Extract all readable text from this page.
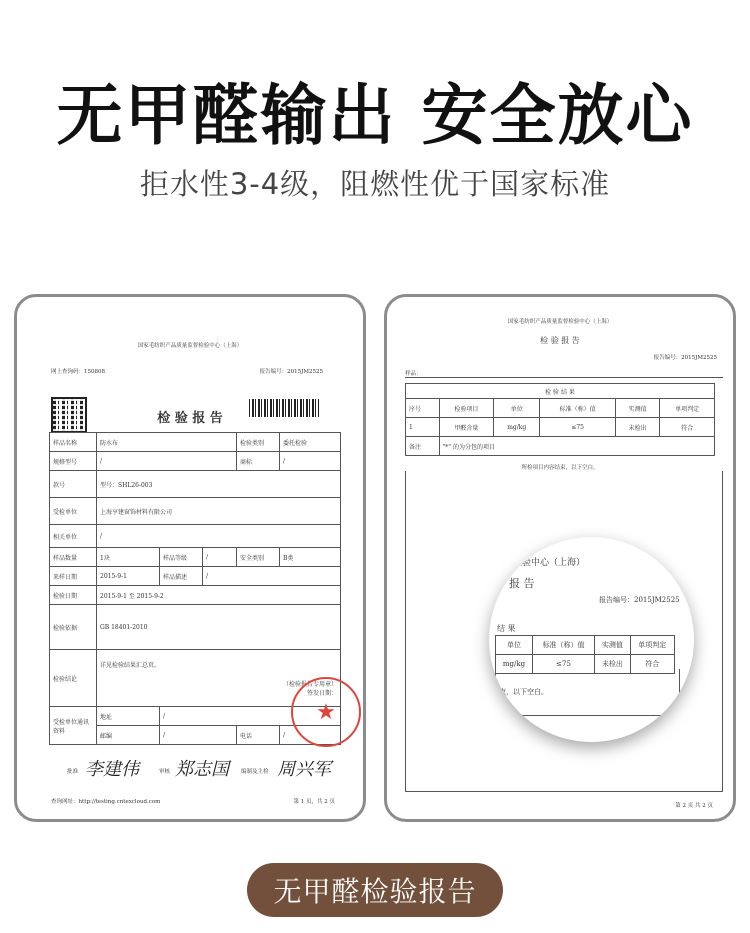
无甲醛输出 安全放心
拒水性3-4级，阻燃性优于国家标准
国家毛纺织产品质量监督检验中心（上海）
网上查询码：150808	报告编号：2015JM2525
检 验 报 告
样品名称	防水布			检验类别	委托检验
规格型号	/			商标	/
款号	型号：SHL26-003				
受检单位	上海亨建窗饰材料有限公司				
相关单位	/				
样品数量	1块	样品等级	/	安全类别	B类
来样日期	2015-9-1	样品描述	/		
检验日期	2015-9-1 至 2015-9-2				
检验依据	GB 18401-2010				
检验结论	详见检验结果汇总页。
（检验报告专用章）
签发日期：				

受检单位通讯资料	地址	/			
	邮编	/		电话	/
★
批准 李建伟	审核 郑志国 编制及主检 周兴军
查询网址：http://testing.cntexcloud.com	第 1 页，共 2 页
国家毛纺织产品质量监督检验中心（上海）
检 验 报 告
报告编号：2015JM2525
样品：
检 验 结 果					
序号	检验项目	单位	标准（称）值	实测值	单项判定
1	甲醛含量	mg/kg	≤75	未检出	符合
备注	"*" 的为分包的项目				
所检项目内容结束，以下空白。
第 2 页 共 2 页
监督检验中心（上海）
报 告
报告编号：2015JM2525
结 果
单位	标准（称）值	实测值	单项判定
mg/kg	≤75	未检出	符合
束，以下空白。
无甲醛检验报告
